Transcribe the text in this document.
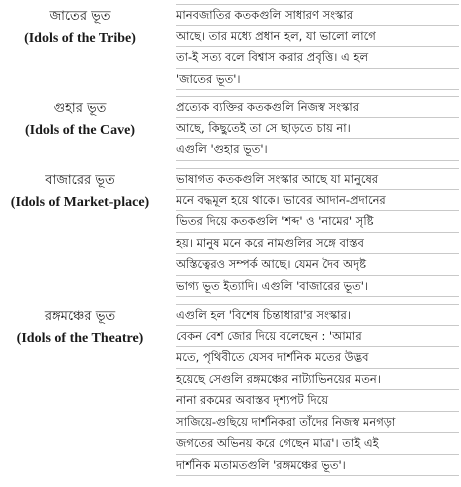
জাতের ভূত
(Idols of the Tribe)
মানবজাতির কতকগুলি সাধারণ সংস্কার
আছে। তার মধ্যে প্রধান হল, যা ভালো লাগে
তা-ই সত্য বলে বিশ্বাস করার প্রবৃত্তি। এ হল
'জাতের ভূত'।
গুহার ভূত
(Idols of the Cave)
প্রত্যেক ব্যক্তির কতকগুলি নিজস্ব সংস্কার
আছে, কিছুতেই তা সে ছাড়তে চায় না।
এগুলি 'গুহার ভূত'।
বাজারের ভূত
(Idols of Market-place)
ভাষাগত কতকগুলি সংস্কার আছে যা মানুষের
মনে বদ্ধমূল হয়ে থাকে। ভাবের আদান-প্রদানের
ভিতর দিয়ে কতকগুলি 'শব্দ' ও 'নামের' সৃষ্টি
হয়। মানুষ মনে করে নামগুলির সঙ্গে বাস্তব
অস্তিত্বেরও সম্পর্ক আছে। যেমন দৈব অদৃষ্ট
ভাগ্য ভূত ইত্যাদি। এগুলি 'বাজারের ভূত'।
রঙ্গমঞ্চের ভূত
(Idols of the Theatre)
এগুলি হল 'বিশেষ চিন্তাধারা'র সংস্কার।
বেকন বেশ জোর দিয়ে বলেছেন : 'আমার
মতে, পৃথিবীতে যেসব দার্শনিক মতের উদ্ভব
হয়েছে সেগুলি রঙ্গমঞ্চের নাট্যাভিনয়ের মতন।
নানা রকমের অবাস্তব দৃশ্যপট দিয়ে
সাজিয়ে-গুছিয়ে দার্শনিকরা তাঁদের নিজস্ব মনগড়া
জগতের অভিনয় করে গেছেন মাত্র'। তাই এই
দার্শনিক মতামতগুলি 'রঙ্গমঞ্চের ভূত'।
